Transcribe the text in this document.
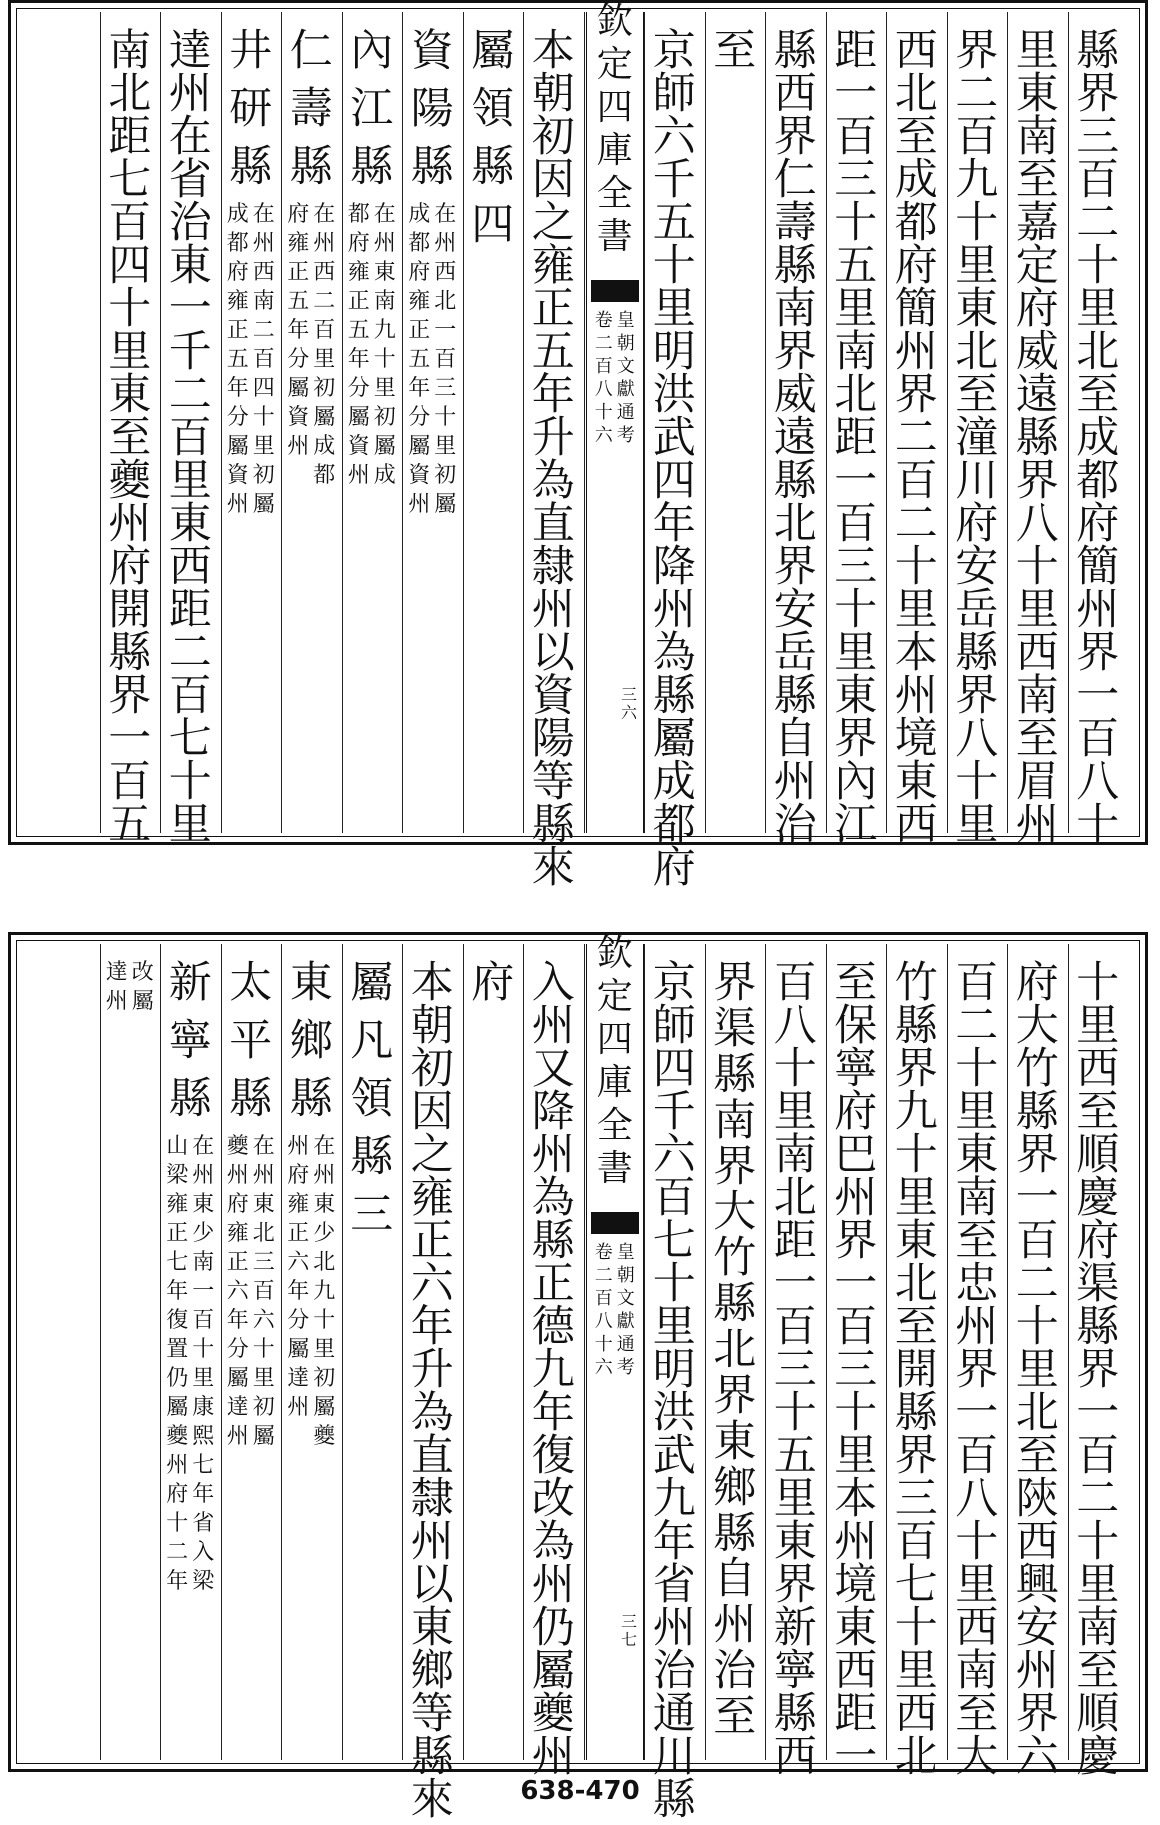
縣
界
三
百
二
十
里
北
至
成
都
府
簡
州
界
一
百
八
十
里
東
南
至
嘉
定
府
威
遠
縣
界
八
十
里
西
南
至
眉
州
界
二
百
九
十
里
東
北
至
潼
川
府
安
岳
縣
界
八
十
里
西
北
至
成
都
府
簡
州
界
二
百
二
十
里
本
州
境
東
西
距
一
百
三
十
五
里
南
北
距
一
百
三
十
里
東
界
內
江
縣
西
界
仁
壽
縣
南
界
威
遠
縣
北
界
安
岳
縣
自
州
治
至
京
師
六
千
五
十
里
明
洪
武
四
年
降
州
為
縣
屬
成
都
府
欽
定
四
庫
全
書
皇
朝
文
獻
通
考
卷
二
百
八
十
六
三
六
本
朝
初
因
之
雍
正
五
年
升
為
直
隸
州
以
資
陽
等
縣
來
屬
領
縣
四
資
陽
縣
在
州
西
北
一
百
三
十
里
初
屬
成
都
府
雍
正
五
年
分
屬
資
州
內
江
縣
在
州
東
南
九
十
里
初
屬
成
都
府
雍
正
五
年
分
屬
資
州
仁
壽
縣
在
州
西
二
百
里
初
屬
成
都
府
雍
正
五
年
分
屬
資
州
井
研
縣
在
州
西
南
二
百
四
十
里
初
屬
成
都
府
雍
正
五
年
分
屬
資
州
達
州
在
省
治
東
一
千
二
百
里
東
西
距
二
百
七
十
里
南
北
距
七
百
四
十
里
東
至
夔
州
府
開
縣
界
一
百
五
十
里
西
至
順
慶
府
渠
縣
界
一
百
二
十
里
南
至
順
慶
府
大
竹
縣
界
一
百
二
十
里
北
至
陝
西
興
安
州
界
六
百
二
十
里
東
南
至
忠
州
界
一
百
八
十
里
西
南
至
大
竹
縣
界
九
十
里
東
北
至
開
縣
界
三
百
七
十
里
西
北
至
保
寧
府
巴
州
界
一
百
三
十
里
本
州
境
東
西
距
一
百
八
十
里
南
北
距
一
百
三
十
五
里
東
界
新
寧
縣
西
界
渠
縣
南
界
大
竹
縣
北
界
東
鄉
縣
自
州
治
至
京
師
四
千
六
百
七
十
里
明
洪
武
九
年
省
州
治
通
川
縣
欽
定
四
庫
全
書
皇
朝
文
獻
通
考
卷
二
百
八
十
六
三
七
入
州
又
降
州
為
縣
正
德
九
年
復
改
為
州
仍
屬
夔
州
府
本
朝
初
因
之
雍
正
六
年
升
為
直
隸
州
以
東
鄉
等
縣
來
屬
凡
領
縣
三
東
鄉
縣
在
州
東
少
北
九
十
里
初
屬
夔
州
府
雍
正
六
年
分
屬
達
州
太
平
縣
在
州
東
北
三
百
六
十
里
初
屬
夔
州
府
雍
正
六
年
分
屬
達
州
新
寧
縣
在
州
東
少
南
一
百
十
里
康
熙
七
年
省
入
梁
山
梁
雍
正
七
年
復
置
仍
屬
夔
州
府
十
二
年
改
屬
達
州
638-470
